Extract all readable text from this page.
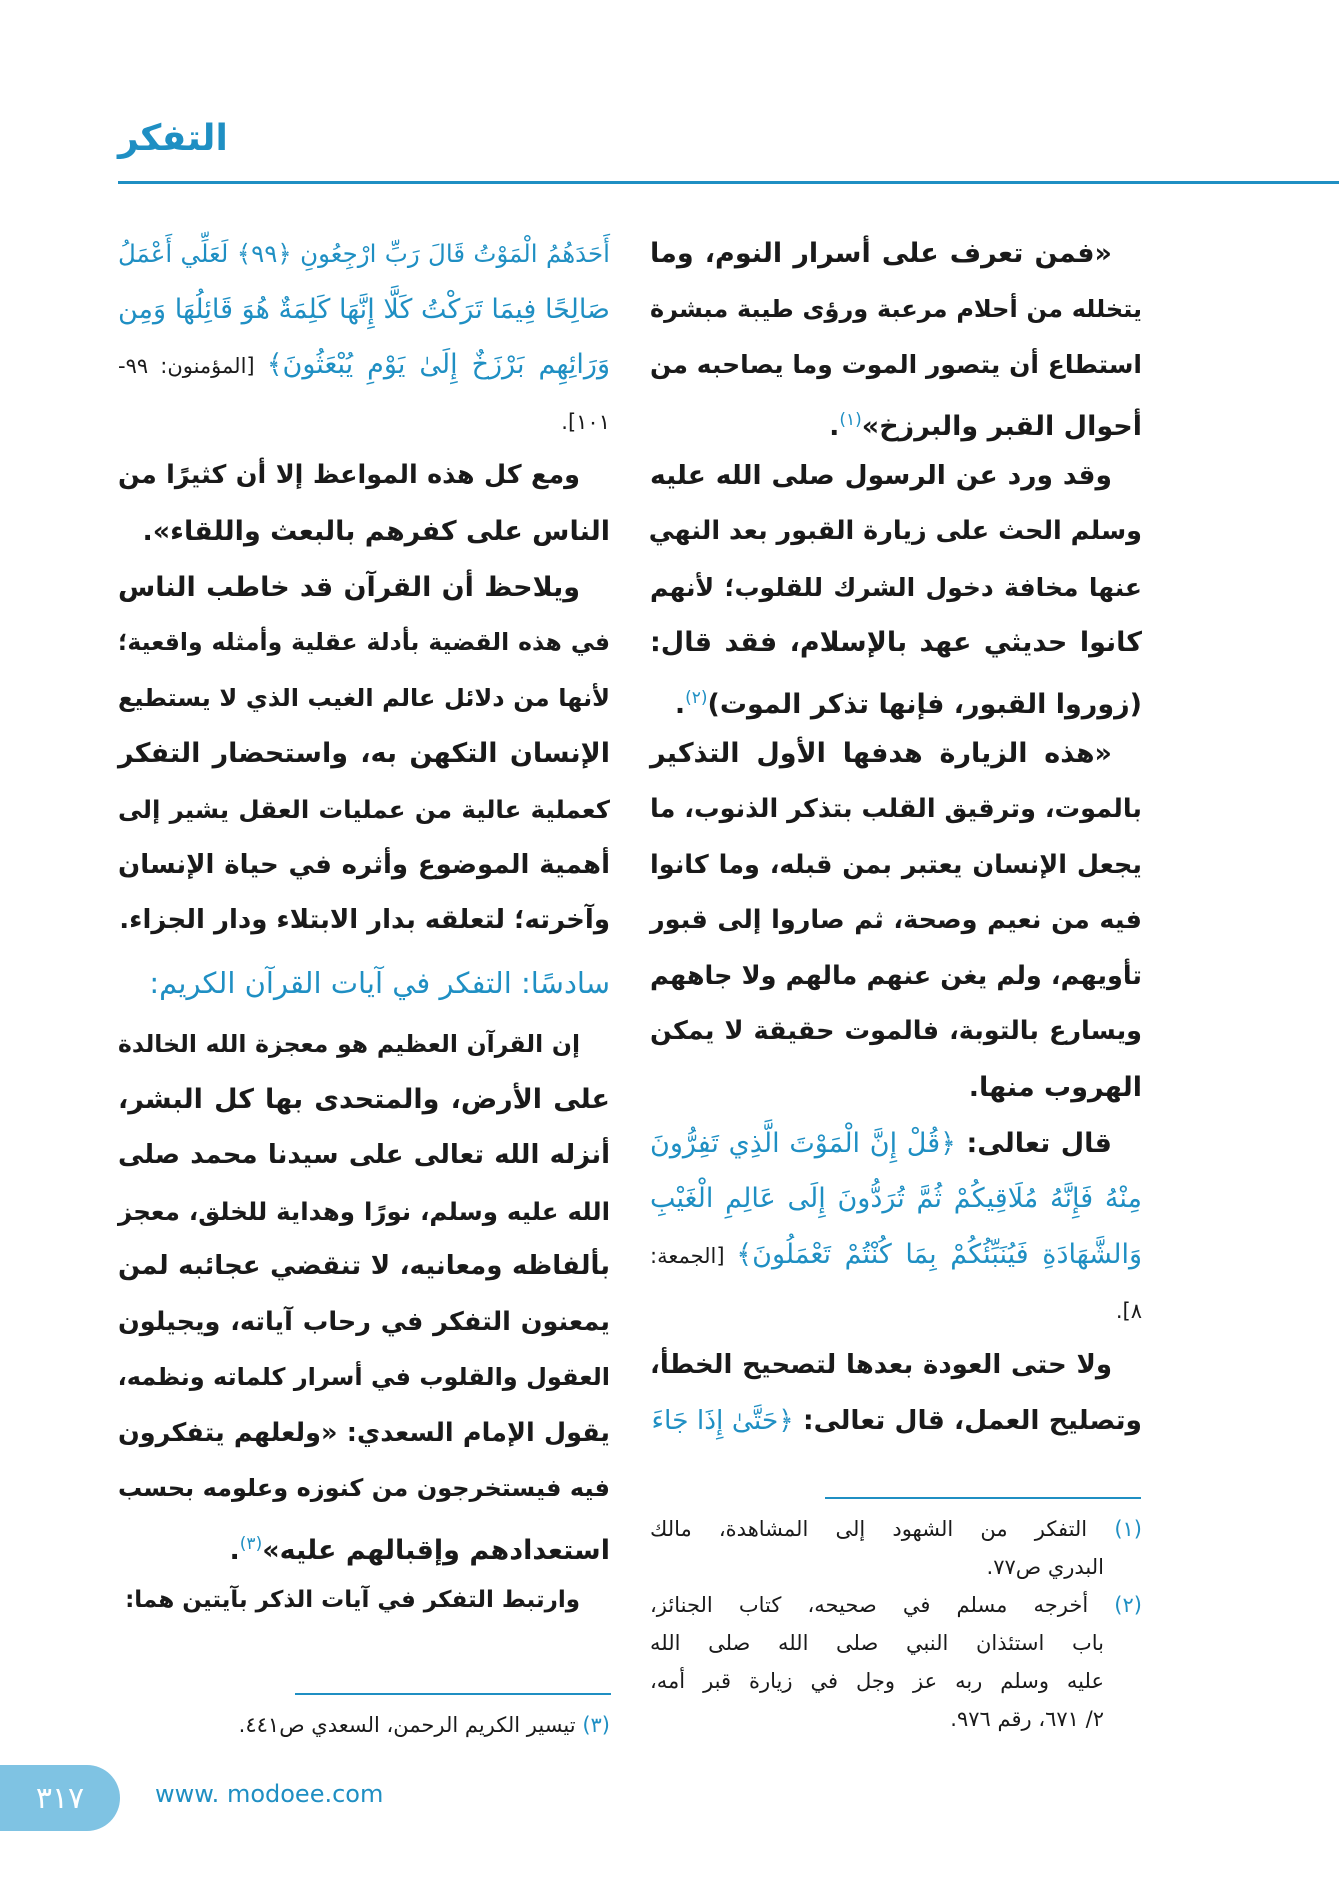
التفكر
«فمن تعرف على أسرار النوم، وما
يتخلله من أحلام مرعبة ورؤى طيبة مبشرة
استطاع أن يتصور الموت وما يصاحبه من
أحوال القبر والبرزخ»$^{(١)}$.
وقد ورد عن الرسول صلى الله عليه
وسلم الحث على زيارة القبور بعد النهي
عنها مخافة دخول الشرك للقلوب؛ لأنهم
كانوا حديثي عهد بالإسلام، فقد قال:
(زوروا القبور، فإنها تذكر الموت)$^{(٢)}$.
«هذه الزيارة هدفها الأول التذكير
بالموت، وترقيق القلب بتذكر الذنوب، ما
يجعل الإنسان يعتبر بمن قبله، وما كانوا
فيه من نعيم وصحة، ثم صاروا إلى قبور
تأويهم، ولم يغن عنهم مالهم ولا جاههم
ويسارع بالتوبة، فالموت حقيقة لا يمكن
الهروب منها.
قال تعالى: ﴿قُلْ إِنَّ الْمَوْتَ الَّذِي تَفِرُّونَ
مِنْهُ فَإِنَّهُ مُلَاقِيكُمْ ثُمَّ تُرَدُّونَ إِلَى عَالِمِ الْغَيْبِ
وَالشَّهَادَةِ فَيُنَبِّئُكُمْ بِمَا كُنْتُمْ تَعْمَلُونَ﴾ [الجمعة:
٨].
ولا حتى العودة بعدها لتصحيح الخطأ،
وتصليح العمل، قال تعالى: ﴿حَتَّىٰ إِذَا جَاءَ
أَحَدَهُمُ الْمَوْتُ قَالَ رَبِّ ارْجِعُونِ ﴿٩٩﴾ لَعَلِّي أَعْمَلُ
صَالِحًا فِيمَا تَرَكْتُ كَلَّا إِنَّهَا كَلِمَةٌ هُوَ قَائِلُهَا وَمِن
وَرَائِهِم بَرْزَخٌ إِلَىٰ يَوْمِ يُبْعَثُونَ﴾ [المؤمنون: ٩٩-
١٠١].
ومع كل هذه المواعظ إلا أن كثيرًا من
الناس على كفرهم بالبعث واللقاء».
ويلاحظ أن القرآن قد خاطب الناس
في هذه القضية بأدلة عقلية وأمثله واقعية؛
لأنها من دلائل عالم الغيب الذي لا يستطيع
الإنسان التكهن به، واستحضار التفكر
كعملية عالية من عمليات العقل يشير إلى
أهمية الموضوع وأثره في حياة الإنسان
وآخرته؛ لتعلقه بدار الابتلاء ودار الجزاء.
سادسًا: التفكر في آيات القرآن الكريم:
إن القرآن العظيم هو معجزة الله الخالدة
على الأرض، والمتحدى بها كل البشر،
أنزله الله تعالى على سيدنا محمد صلى
الله عليه وسلم، نورًا وهداية للخلق، معجز
بألفاظه ومعانيه، لا تنقضي عجائبه لمن
يمعنون التفكر في رحاب آياته، ويجيلون
العقول والقلوب في أسرار كلماته ونظمه،
يقول الإمام السعدي: «ولعلهم يتفكرون
فيه فيستخرجون من كنوزه وعلومه بحسب
استعدادهم وإقبالهم عليه»$^{(٣)}$.
وارتبط التفكر في آيات الذكر بآيتين هما:
(١) التفكر من الشهود إلى المشاهدة، مالك
البدري ص٧٧.
(٢) أخرجه مسلم في صحيحه، كتاب الجنائز،
باب استئذان النبي صلى الله صلى الله
عليه وسلم ربه عز وجل في زيارة قبر أمه،
٢/ ٦٧١، رقم ٩٧٦.
(٣) تيسير الكريم الرحمن، السعدي ص٤٤١.
٣١٧	www. modoee.com
